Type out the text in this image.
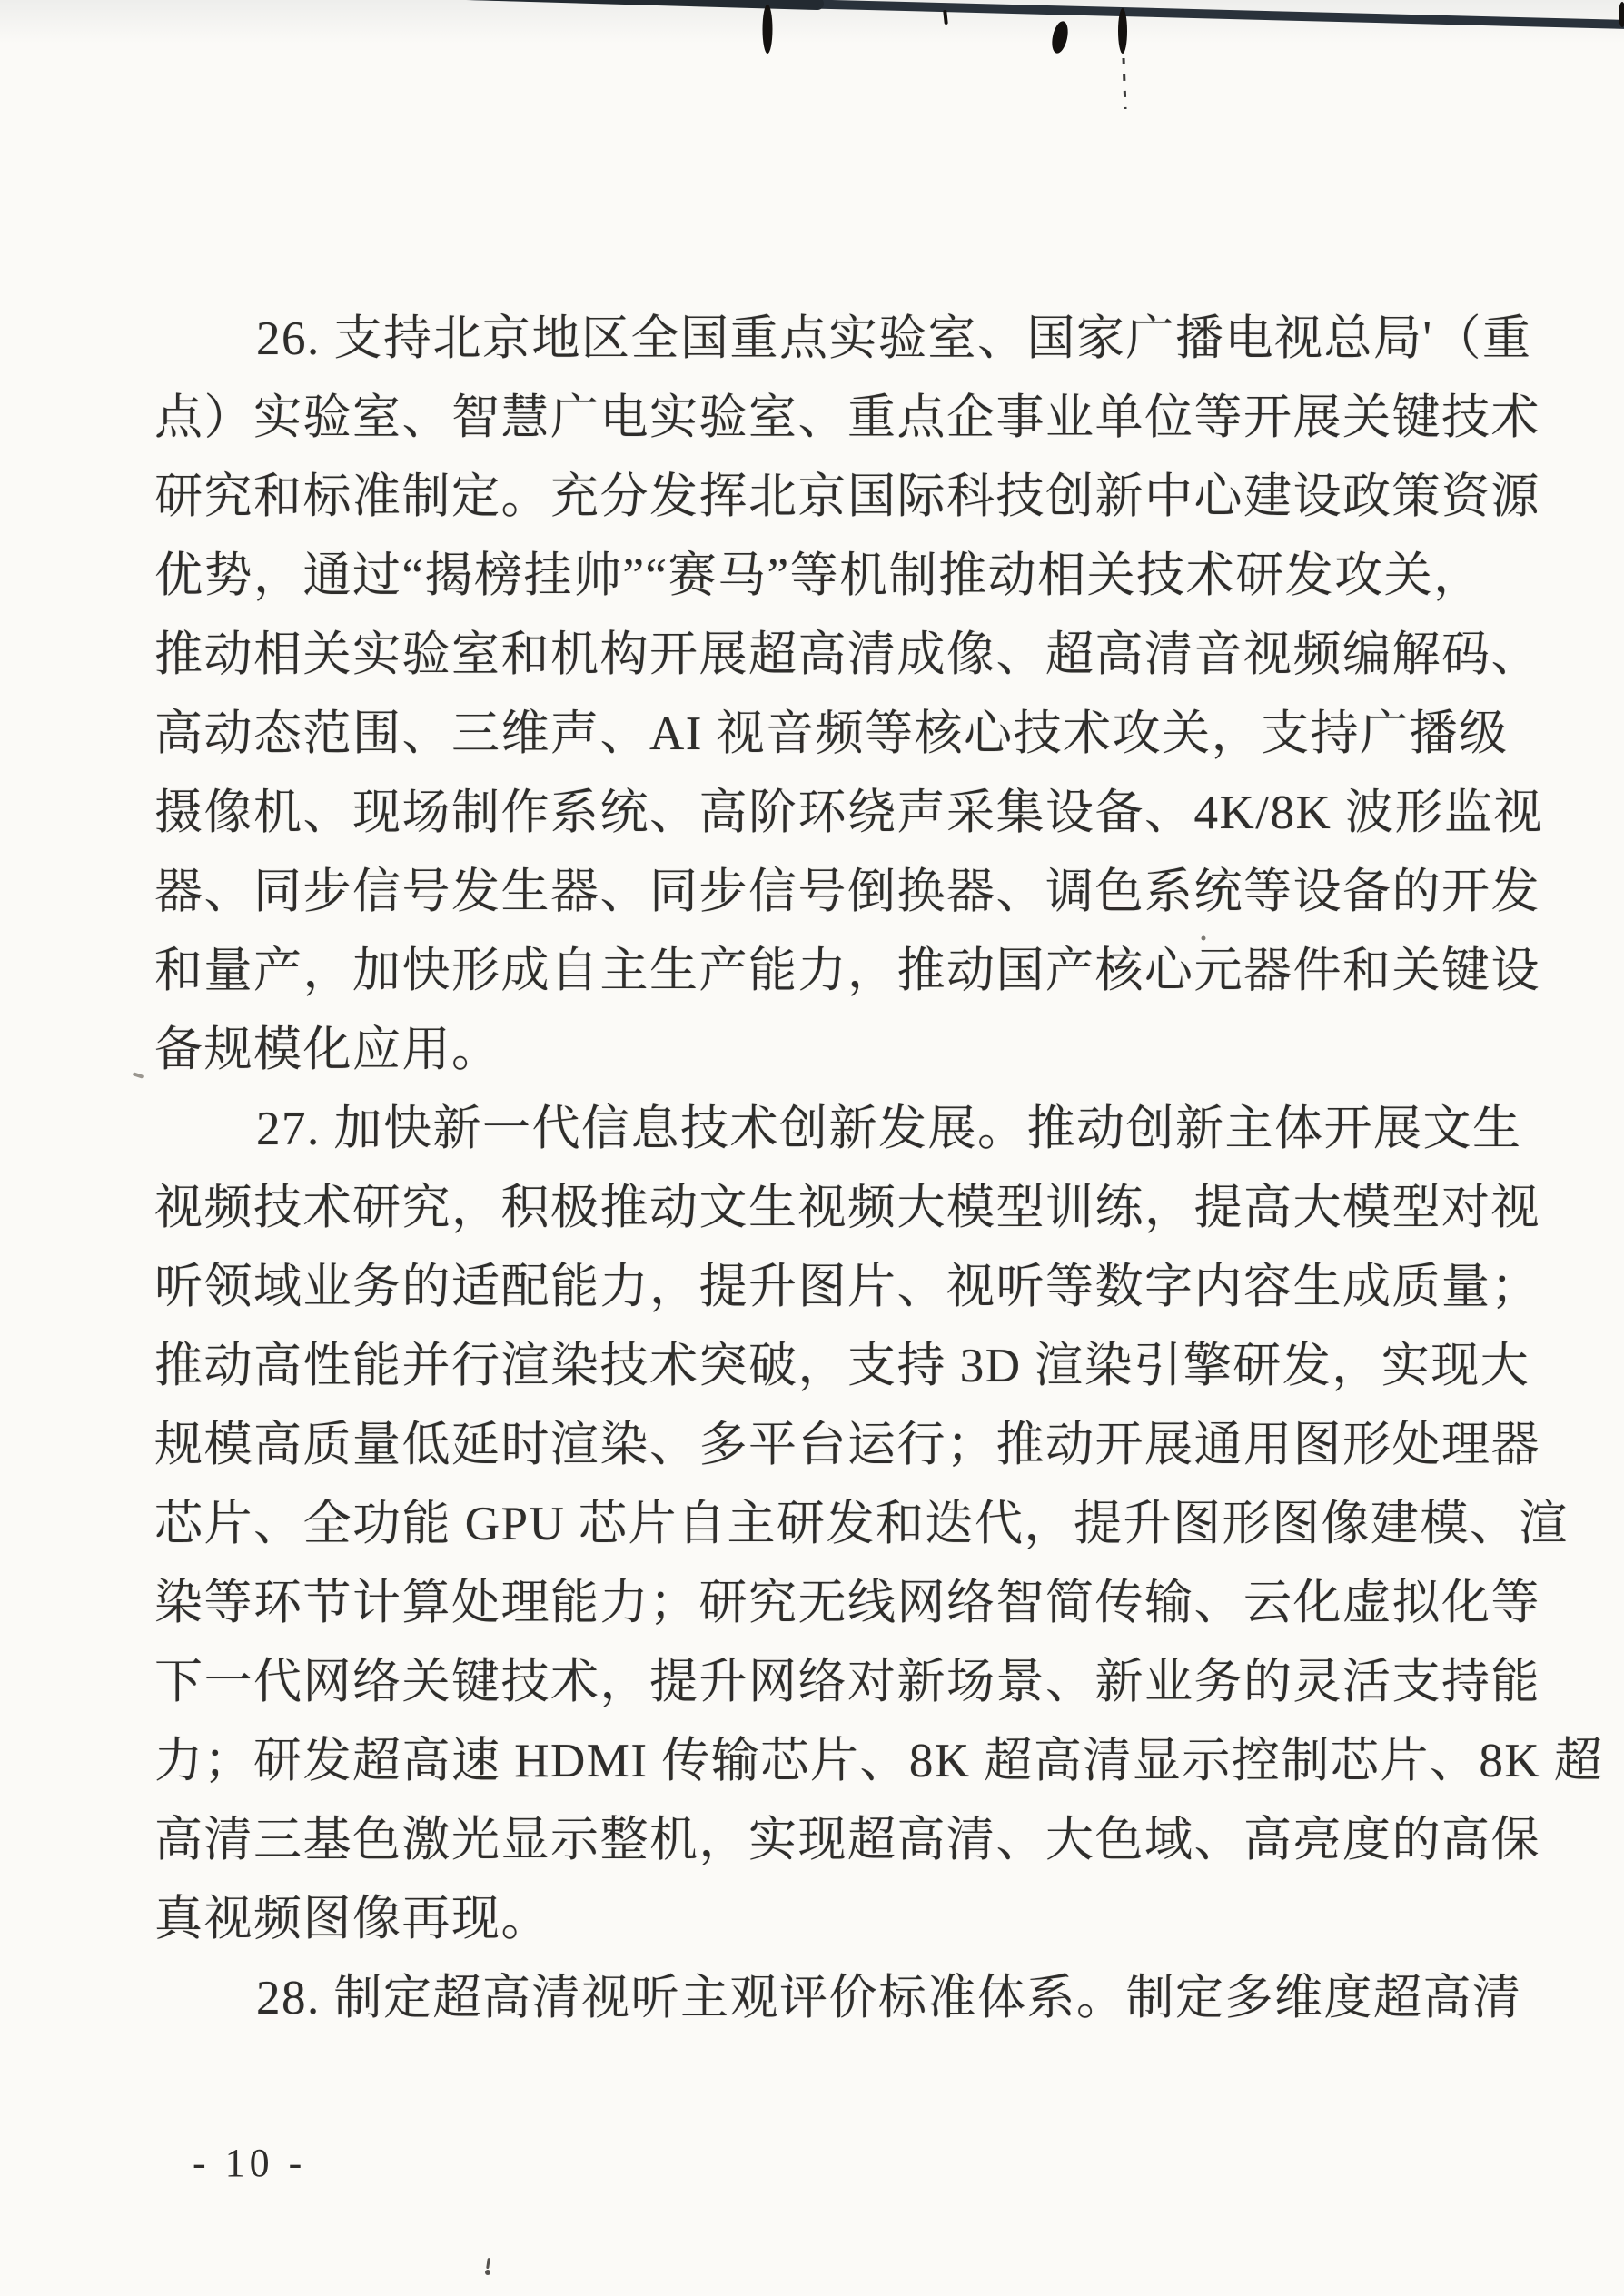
26. 支持北京地区全国重点实验室、国家广播电视总局'（重
点）实验室、智慧广电实验室、重点企事业单位等开展关键技术
研究和标准制定。充分发挥北京国际科技创新中心建设政策资源
优势，通过“揭榜挂帅”“赛马”等机制推动相关技术研发攻关，
推动相关实验室和机构开展超高清成像、超高清音视频编解码、
高动态范围、三维声、AI 视音频等核心技术攻关，支持广播级
摄像机、现场制作系统、高阶环绕声采集设备、4K/8K 波形监视
器、同步信号发生器、同步信号倒换器、调色系统等设备的开发
和量产，加快形成自主生产能力，推动国产核心元器件和关键设
备规模化应用。
27. 加快新一代信息技术创新发展。推动创新主体开展文生
视频技术研究，积极推动文生视频大模型训练，提高大模型对视
听领域业务的适配能力，提升图片、视听等数字内容生成质量；
推动高性能并行渲染技术突破，支持 3D 渲染引擎研发，实现大
规模高质量低延时渲染、多平台运行；推动开展通用图形处理器
芯片、全功能 GPU 芯片自主研发和迭代，提升图形图像建模、渲
染等环节计算处理能力；研究无线网络智简传输、云化虚拟化等
下一代网络关键技术，提升网络对新场景、新业务的灵活支持能
力；研发超高速 HDMI 传输芯片、8K 超高清显示控制芯片、8K 超
高清三基色激光显示整机，实现超高清、大色域、高亮度的高保
真视频图像再现。
28. 制定超高清视听主观评价标准体系。制定多维度超高清
- 10 -
